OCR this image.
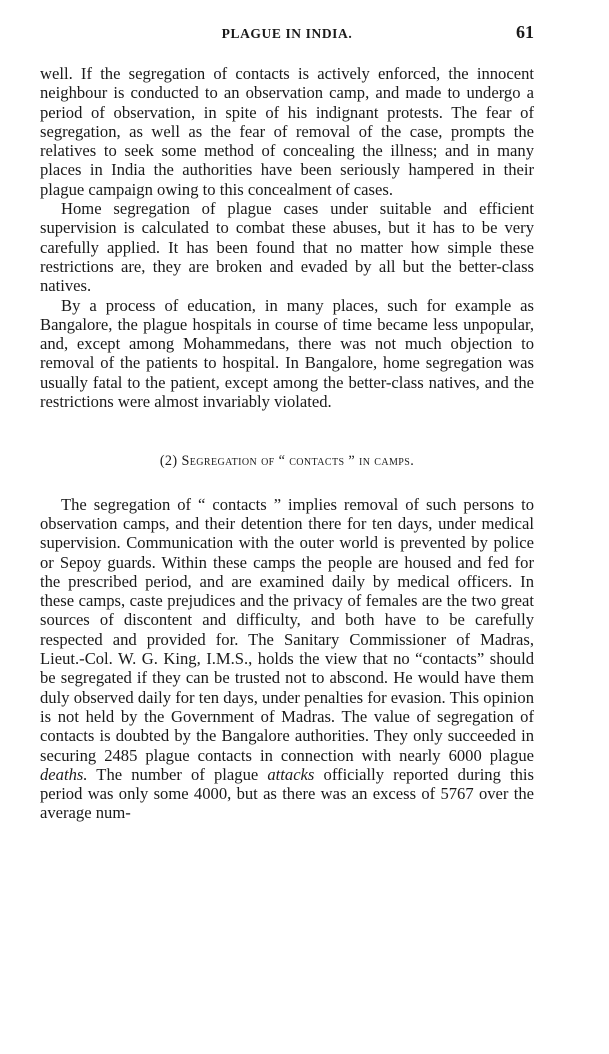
PLAGUE IN INDIA.	61

well. If the segregation of contacts is actively enforced, the innocent neighbour is conducted to an observation camp, and made to undergo a period of observation, in spite of his indignant protests. The fear of segregation, as well as the fear of removal of the case, prompts the relatives to seek some method of concealing the illness; and in many places in India the authorities have been seriously hampered in their plague campaign owing to this concealment of cases.

Home segregation of plague cases under suitable and efficient supervision is calculated to combat these abuses, but it has to be very carefully applied. It has been found that no matter how simple these restrictions are, they are broken and evaded by all but the better-class natives.

By a process of education, in many places, such for example as Bangalore, the plague hospitals in course of time became less unpopular, and, except among Mohammedans, there was not much objection to removal of the patients to hospital. In Bangalore, home segregation was usually fatal to the patient, except among the better-class natives, and the restrictions were almost invariably violated.

(2) Segregation of “ contacts ” in camps.

The segregation of “ contacts ” implies removal of such persons to observation camps, and their detention there for ten days, under medical supervision. Communication with the outer world is prevented by police or Sepoy guards. Within these camps the people are housed and fed for the prescribed period, and are examined daily by medical officers. In these camps, caste prejudices and the privacy of females are the two great sources of discontent and difficulty, and both have to be carefully respected and provided for. The Sanitary Commissioner of Madras, Lieut.-Col. W. G. King, I.M.S., holds the view that no “contacts” should be segregated if they can be trusted not to abscond. He would have them duly observed daily for ten days, under penalties for evasion. This opinion is not held by the Government of Madras. The value of segregation of contacts is doubted by the Bangalore authorities. They only succeeded in securing 2485 plague contacts in connection with nearly 6000 plague deaths. The number of plague attacks officially reported during this period was only some 4000, but as there was an excess of 5767 over the average num-
